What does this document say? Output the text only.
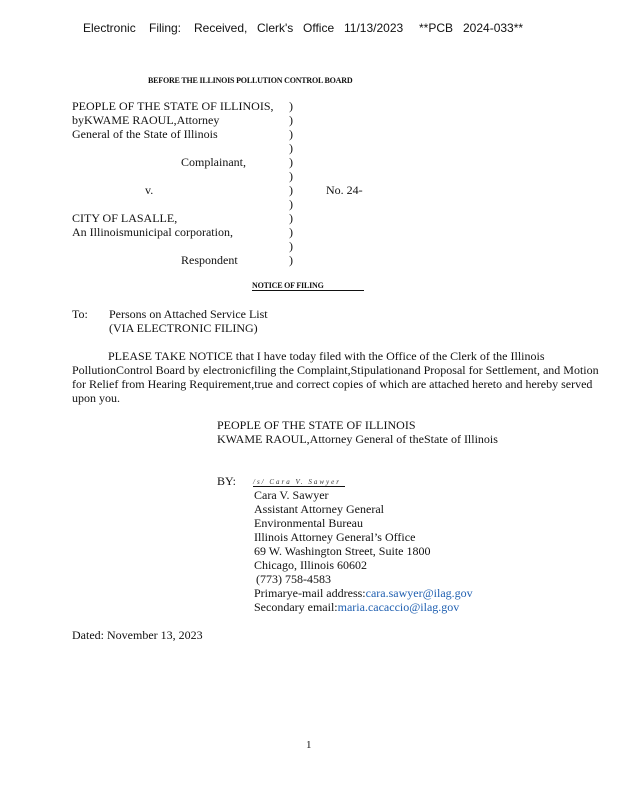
Electronic Filing: Received, Clerk's Office 11/13/2023 **PCB 2024-033**
BEFORE THE ILLINOIS POLLUTION CONTROL BOARD
PEOPLE OF THE STATE OF ILLINOIS,
byKWAME RAOUL,Attorney
General of the State of Illinois
Complainant,
v.	No. 24-
CITY OF LASALLE,
An Illinoismunicipal corporation,
Respondent
)
)
)
)
)
)
)
)
)
)
)
)
NOTICE OF FILING
To: Persons on Attached Service List
(VIA ELECTRONIC FILING)

PLEASE TAKE NOTICE that I have today filed with the Office of the Clerk of the Illinois PollutionControl Board by electronicfiling the Complaint,Stipulationand Proposal for Settlement, and Motion for Relief from Hearing Requirement,true and correct copies of which are attached hereto and hereby served upon you.

PEOPLE OF THE STATE OF ILLINOIS
KWAME RAOUL,Attorney General of theState of Illinois
BY: /s/ Cara V. Sawyer
Cara V. Sawyer
Assistant Attorney General
Environmental Bureau
Illinois Attorney General’s Office
69 W. Washington Street, Suite 1800
Chicago, Illinois 60602
(773) 758-4583
Primarye-mail address:cara.sawyer@ilag.gov
Secondary email:maria.cacaccio@ilag.gov
Dated: November 13, 2023
1
